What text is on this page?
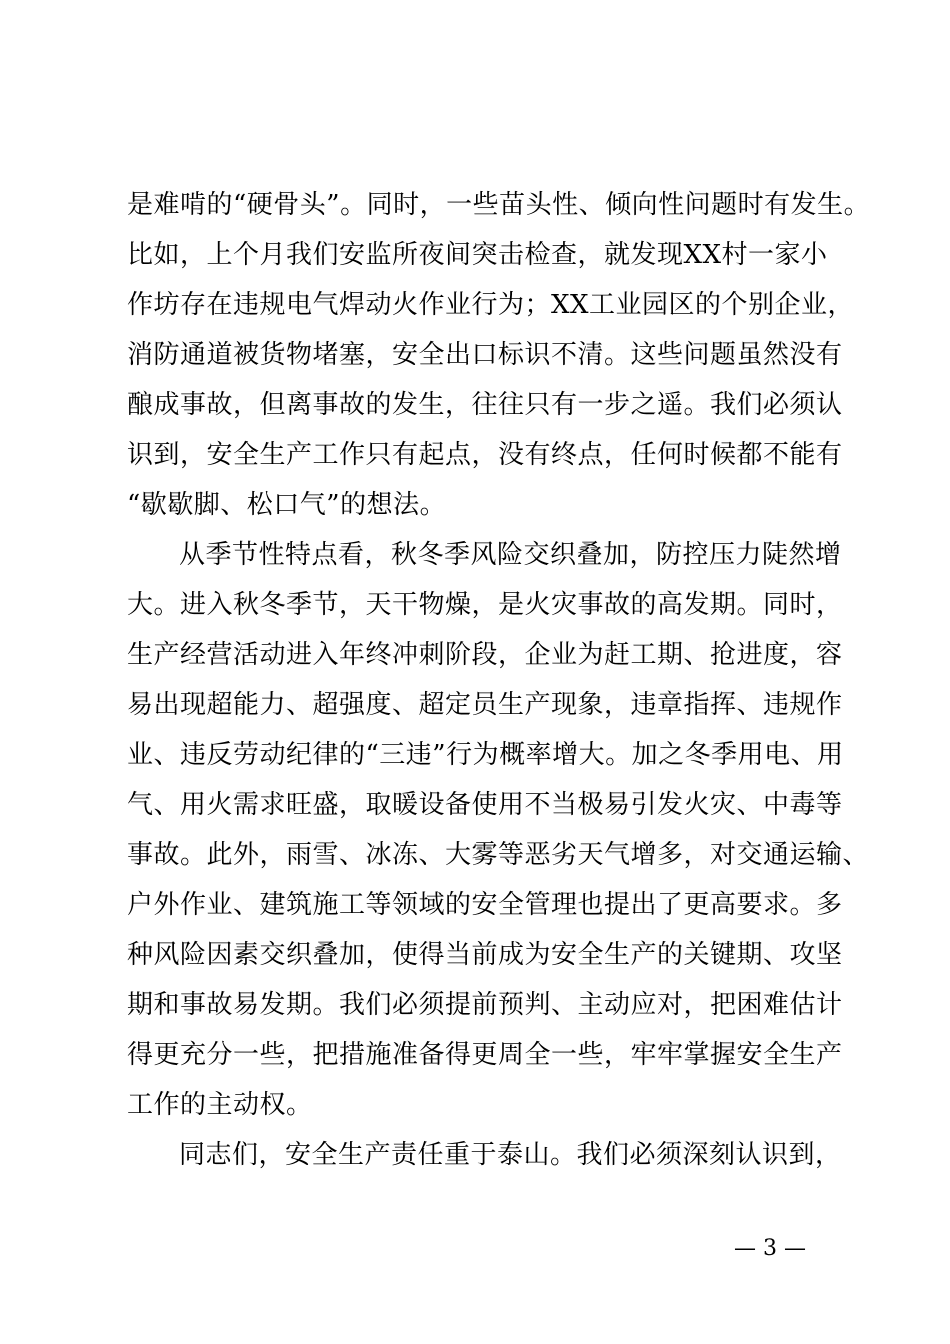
是难啃的“硬骨头”。同时，一些苗头性、倾向性问题时有发生。
比如，上个月我们安监所夜间突击检查，就发现XX村一家小
作坊存在违规电气焊动火作业行为；XX工业园区的个别企业，
消防通道被货物堵塞，安全出口标识不清。这些问题虽然没有
酿成事故，但离事故的发生，往往只有一步之遥。我们必须认
识到，安全生产工作只有起点，没有终点，任何时候都不能有
“歇歇脚、松口气”的想法。
从季节性特点看，秋冬季风险交织叠加，防控压力陡然增
大。进入秋冬季节，天干物燥，是火灾事故的高发期。同时，
生产经营活动进入年终冲刺阶段，企业为赶工期、抢进度，容
易出现超能力、超强度、超定员生产现象，违章指挥、违规作
业、违反劳动纪律的“三违”行为概率增大。加之冬季用电、用
气、用火需求旺盛，取暖设备使用不当极易引发火灾、中毒等
事故。此外，雨雪、冰冻、大雾等恶劣天气增多，对交通运输、
户外作业、建筑施工等领域的安全管理也提出了更高要求。多
种风险因素交织叠加，使得当前成为安全生产的关键期、攻坚
期和事故易发期。我们必须提前预判、主动应对，把困难估计
得更充分一些，把措施准备得更周全一些，牢牢掌握安全生产
工作的主动权。
同志们，安全生产责任重于泰山。我们必须深刻认识到，
— 3 —
